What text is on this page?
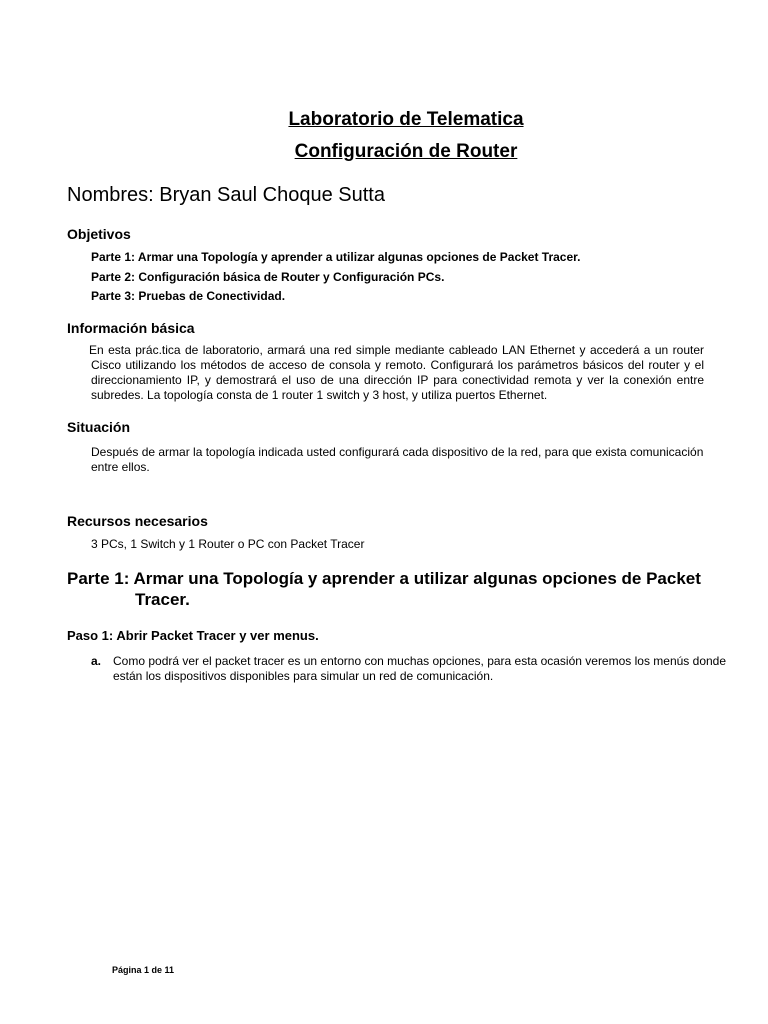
Laboratorio de Telematica
Configuración de Router

Nombres: Bryan Saul Choque Sutta

Objetivos

Parte 1: Armar una Topología y aprender a utilizar algunas opciones de Packet Tracer.

Parte 2: Configuración básica de Router y Configuración PCs.

Parte 3: Pruebas de Conectividad.

Información básica

En esta prác.tica de laboratorio, armará una red simple mediante cableado LAN Ethernet y accederá a un router Cisco utilizando los métodos de acceso de consola y remoto. Configurará los parámetros básicos del router y el direccionamiento IP, y demostrará el uso de una dirección IP para conectividad remota y ver la conexión entre subredes. La topología consta de 1 router 1 switch y 3 host, y utiliza puertos Ethernet.

Situación

Después de armar la topología indicada usted configurará cada dispositivo de la red, para que exista comunicación entre ellos.

Recursos necesarios

3 PCs, 1 Switch y 1 Router o PC con Packet Tracer

Parte 1: Armar una Topología y aprender a utilizar algunas opciones de Packet Tracer.
Paso 1: Abrir Packet Tracer y ver menus.
a. Como podrá ver el packet tracer es un entorno con muchas opciones, para esta ocasión veremos los menús donde están los dispositivos disponibles para simular un red de comunicación.
Página 1 de 11
